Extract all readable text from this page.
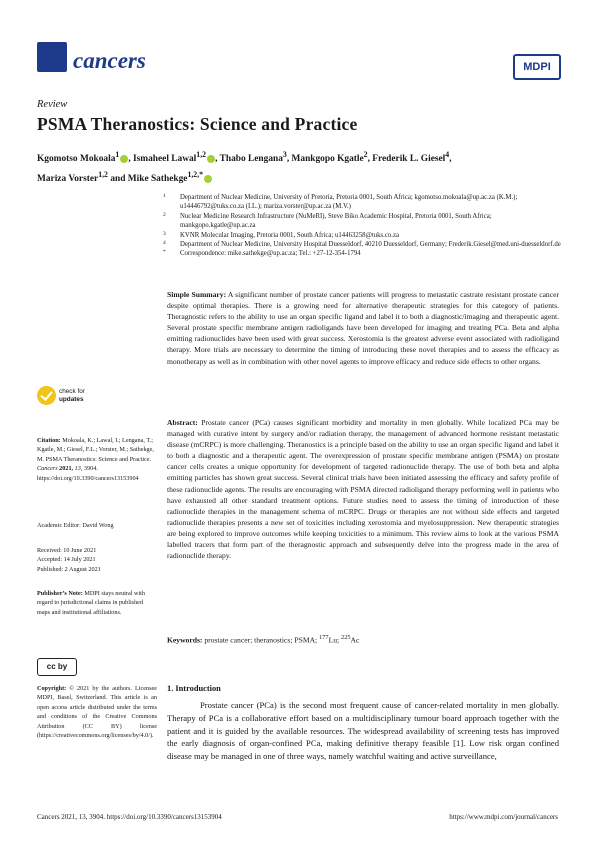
cancers	MDPI
Review
PSMA Theranostics: Science and Practice
Kgomotso Mokoala$^1$ , Ismaheel Lawal$^{1,2}$ , Thabo Lengana$^3$, Mankgopo Kgatle$^2$, Frederik L. Giesel$^4$,
Mariza Vorster$^{1,2}$ and Mike Sathekge$^{1,2,*}$
1 Department of Nuclear Medicine, University of Pretoria, Pretoria 0001, South Africa; kgomotso.mokoala@up.ac.za (K.M.); u14446792@tuks.co.za (I.L.); mariza.vorster@up.ac.za (M.V.)
2 Nuclear Medicine Research Infrastructure (NuMeRI), Steve Biko Academic Hospital, Pretoria 0001, South Africa; mankgopo.kgatle@up.ac.za
3 KVNR Molecular Imaging, Pretoria 0001, South Africa; u14463258@tuks.co.za
4 Department of Nuclear Medicine, University Hospital Duesseldorf, 40210 Duesseldorf, Germany; Frederik.Giesel@med.uni-duesseldorf.de
* Correspondence: mike.sathekge@up.ac.za; Tel.: +27-12-354-1794
Simple Summary: A significant number of prostate cancer patients will progress to metastatic castrate resistant prostate cancer despite optimal therapies. There is a growing need for alternative therapeutic strategies for this category of patients. Theragnostic refers to the ability to use an organ specific ligand and label it to both a diagnostic/imaging and therapeutic agent. Several prostate specific membrane antigen radioligands have been developed for imaging and treating PCa. Beta and alpha emitting radionuclides have been used with great success. Xerostomia is the greatest adverse event associated with radioligand therapy. More trials are necessary to determine the timing of introducing these novel therapies and to assess the efficacy as monotherapy as well as in combination with other novel agents to improve efficacy and reduce side effects to other organs.
Abstract: Prostate cancer (PCa) causes significant morbidity and mortality in men globally. While localized PCa may be managed with curative intent by surgery and/or radiation therapy, the management of advanced hormone resistant metastatic disease (mCRPC) is more challenging. Theranostics is a principle based on the ability to use an organ specific ligand and label it to both a diagnostic and a therapeutic agent. The overexpression of prostate specific membrane antigen (PSMA) on prostate cancer cells creates a unique opportunity for development of targeted radionuclide therapy. The use of both beta and alpha emitting particles has shown great success. Several clinical trials have been initiated assessing the efficacy and safety profile of these radionuclide agents. The results are encouraging with PSMA directed radioligand therapy performing well in patients who have exhausted all other standard treatment options. Future studies need to assess the timing of introduction of these radionuclide therapies in the management schema of mCRPC. Drugs or therapies are not without side effects and targeted radionuclide therapies presents a new set of toxicities including xerostomia and myelosuppression. New therapeutic strategies are being explored to improve outcomes while keeping toxicities to a minimum. This review aims to look at the various PSMA labelled tracers that form part of the theragnostic approach and subsequently delve into the progress made in the area of radionuclide therapy.
Keywords: prostate cancer; theranostics; PSMA; $^{177}$Lu; $^{225}$Ac
check for
updates
Citation: Mokoala, K.; Lawal, I.; Lengana, T.; Kgatle, M.; Giesel, F.L.; Vorster, M.; Sathekge, M. PSMA Theranostics: Science and Practice. Cancers 2021, 13, 3904. https://doi.org/10.3390/cancers13153904
Academic Editor: David Wong
Received: 10 June 2021
Accepted: 14 July 2021
Published: 2 August 2021
Publisher’s Note: MDPI stays neutral with regard to jurisdictional claims in published maps and institutional affiliations.
cc by
Copyright: © 2021 by the authors. Licensee MDPI, Basel, Switzerland. This article is an open access article distributed under the terms and conditions of the Creative Commons Attribution (CC BY) license (https://creativecommons.org/licenses/by/4.0/).
1. Introduction
Prostate cancer (PCa) is the second most frequent cause of cancer-related mortality in men globally. Therapy of PCa is a collaborative effort based on a multidisciplinary tumour board approach together with the patient and it is guided by the available resources. The widespread availability of screening tests has improved the early diagnosis of organ-confined PCa, making definitive therapy feasible [1]. Low risk organ confined disease may be managed in one of three ways, namely watchful waiting and active surveillance,
Cancers 2021, 13, 3904. https://doi.org/10.3390/cancers13153904	https://www.mdpi.com/journal/cancers
